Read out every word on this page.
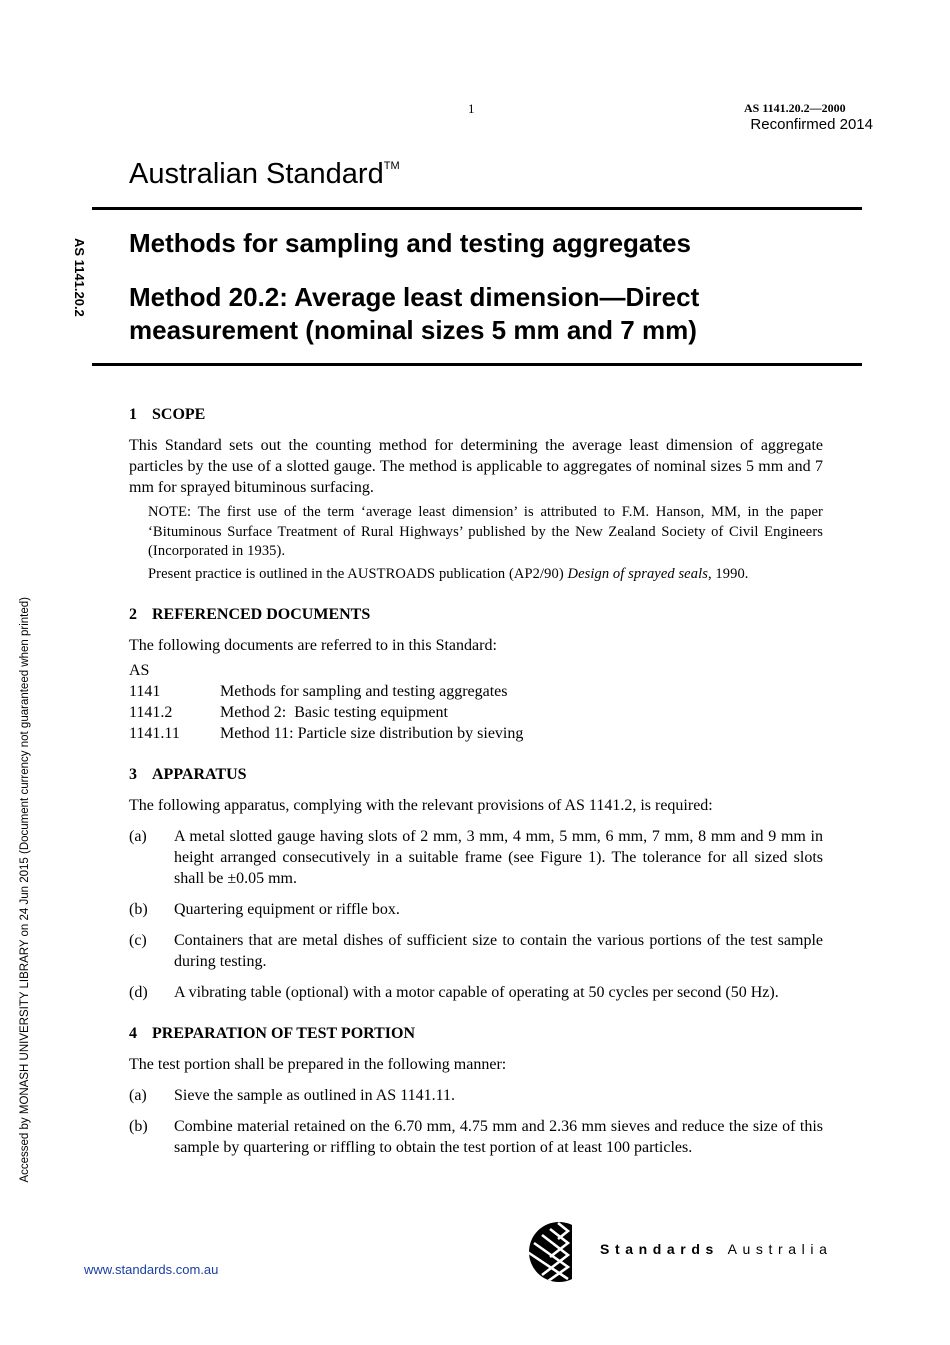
1	AS 1141.20.2—2000
Reconfirmed 2014
Australian Standard™
Methods for sampling and testing aggregates
Method 20.2: Average least dimension—Direct measurement (nominal sizes 5 mm and 7 mm)
AS 1141.20.2
Accessed by MONASH UNIVERSITY LIBRARY on 24 Jun 2015 (Document currency not guaranteed when printed)
1 SCOPE

This Standard sets out the counting method for determining the average least dimension of aggregate particles by the use of a slotted gauge. The method is applicable to aggregates of nominal sizes 5 mm and 7 mm for sprayed bituminous surfacing.

NOTE: The first use of the term ‘average least dimension’ is attributed to F.M. Hanson, MM, in the paper ‘Bituminous Surface Treatment of Rural Highways’ published by the New Zealand Society of Civil Engineers (Incorporated in 1935).
Present practice is outlined in the AUSTROADS publication (AP2/90) Design of sprayed seals, 1990.
2 REFERENCED DOCUMENTS

The following documents are referred to in this Standard:

AS
1141	Methods for sampling and testing aggregates
1141.2	Method 2:  Basic testing equipment
1141.11	Method 11: Particle size distribution by sieving
3 APPARATUS

The following apparatus, complying with the relevant provisions of AS 1141.2, is required:

(a)	A metal slotted gauge having slots of 2 mm, 3 mm, 4 mm, 5 mm, 6 mm, 7 mm, 8 mm and 9 mm in height arranged consecutively in a suitable frame (see Figure 1). The tolerance for all sized slots shall be ±0.05 mm.
(b)	Quartering equipment or riffle box.
(c)	Containers that are metal dishes of sufficient size to contain the various portions of the test sample during testing.
(d)	A vibrating table (optional) with a motor capable of operating at 50 cycles per second (50 Hz).
4 PREPARATION OF TEST PORTION

The test portion shall be prepared in the following manner:

(a)	Sieve the sample as outlined in AS 1141.11.
(b)	Combine material retained on the 6.70 mm, 4.75 mm and 2.36 mm sieves and reduce the size of this sample by quartering or riffling to obtain the test portion of at least 100 particles.
www.standards.com.au
Standards Australia
